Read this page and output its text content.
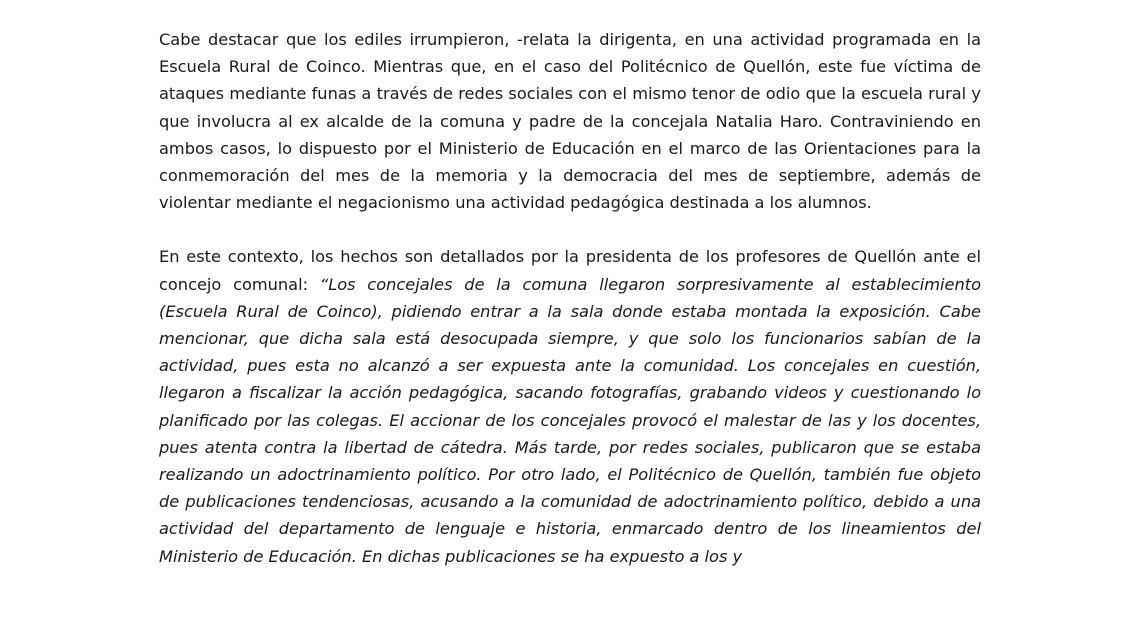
Cabe destacar que los ediles irrumpieron, -relata la dirigenta, en una actividad programada en la Escuela Rural de Coinco. Mientras que, en el caso del Politécnico de Quellón, este fue víctima de ataques mediante funas a través de redes sociales con el mismo tenor de odio que la escuela rural y que involucra al ex alcalde de la comuna y padre de la concejala Natalia Haro. Contraviniendo en ambos casos, lo dispuesto por el Ministerio de Educación en el marco de las Orientaciones para la conmemoración del mes de la memoria y la democracia del mes de septiembre, además de violentar mediante el negacionismo una actividad pedagógica destinada a los alumnos.

En este contexto, los hechos son detallados por la presidenta de los profesores de Quellón ante el concejo comunal: “Los concejales de la comuna llegaron sorpresivamente al establecimiento (Escuela Rural de Coinco), pidiendo entrar a la sala donde estaba montada la exposición. Cabe mencionar, que dicha sala está desocupada siempre, y que solo los funcionarios sabían de la actividad, pues esta no alcanzó a ser expuesta ante la comunidad. Los concejales en cuestión, llegaron a fiscalizar la acción pedagógica, sacando fotografías, grabando videos y cuestionando lo planificado por las colegas. El accionar de los concejales provocó el malestar de las y los docentes, pues atenta contra la libertad de cátedra. Más tarde, por redes sociales, publicaron que se estaba realizando un adoctrinamiento político. Por otro lado, el Politécnico de Quellón, también fue objeto de publicaciones tendenciosas, acusando a la comunidad de adoctrinamiento político, debido a una actividad del departamento de lenguaje e historia, enmarcado dentro de los lineamientos del Ministerio de Educación. En dichas publicaciones se ha expuesto a los y
